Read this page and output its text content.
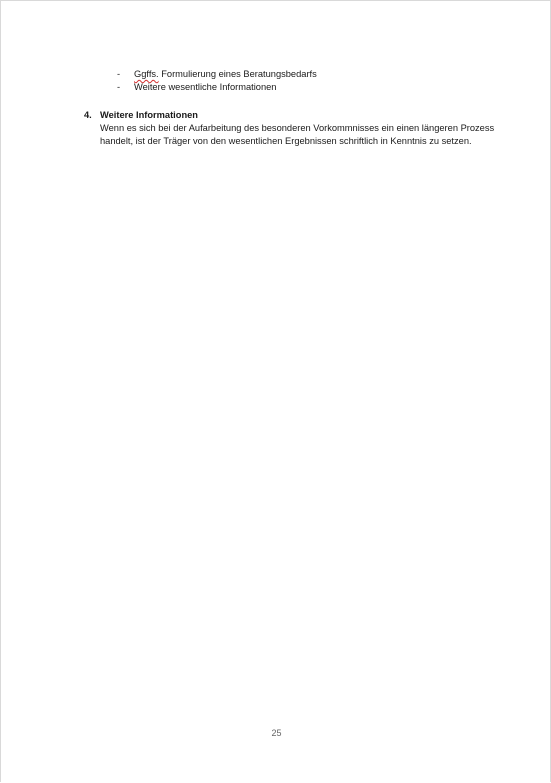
-	Ggffs. Formulierung eines Beratungsbedarfs
-	Weitere wesentliche Informationen
4. Weitere Informationen
Wenn es sich bei der Aufarbeitung des besonderen Vorkommnisses ein einen längeren Prozess
handelt, ist der Träger von den wesentlichen Ergebnissen schriftlich in Kenntnis zu setzen.
25
